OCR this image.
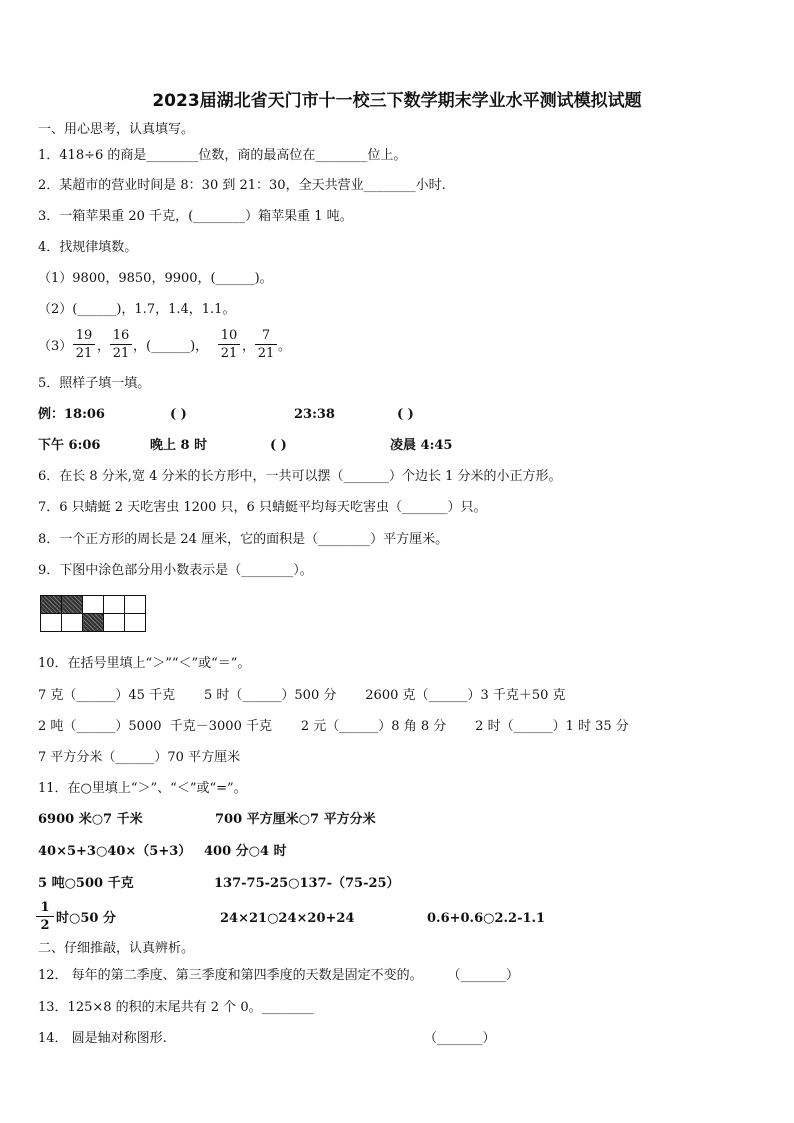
2023届湖北省天门市十一校三下数学期末学业水平测试模拟试题
一、用心思考，认真填写。
1．418÷6 的商是________位数，商的最高位在________位上。
2．某超市的营业时间是 8：30 到 21：30，全天共营业________小时.
3．一箱苹果重 20 千克，(________）箱苹果重 1 吨。
4．找规律填数。
（1）9800，9850，9900，(______)。
（2）(______)，1.7，1.4，1.1。
（3）
19
21 ，
16
21 ，(______)，
10
21 ，
7
21 。
5．照样子填一填。
例：18:06	( )	23:38	( )
下午 6:06	晚上 8 时	( )	凌晨 4:45
6．在长 8 分米,宽 4 分米的长方形中，一共可以摆（_______）个边长 1 分米的小正方形。
7．6 只蜻蜓 2 天吃害虫 1200 只，6 只蜻蜓平均每天吃害虫（_______）只。
8．一个正方形的周长是 24 厘米，它的面积是（________）平方厘米。
9．下图中涂色部分用小数表示是（________）。

10．在括号里填上“＞”“＜”或“＝”。
7 克（______）45 千克       5 时（______）500 分       2600 克（______）3 千克＋50 克
2 吨（______）5000  千克－3000 千克       2 元（______）8 角 8 分       2 时（______）1 时 35 分
7 平方分米（______）70 平方厘米
11．在○里填上“＞”、“＜”或“=”。
6900 米○7 千米	700 平方厘米○7 平方分米
40×5+3○40×（5+3） 400 分○4 时
5 吨○500 千克	137-75-25○137-（75-25）
1
2 时○50 分	24×21○24×20+24	0.6+0.6○2.2-1.1
二、仔细推敲，认真辨析。
12． 每年的第二季度、第三季度和第四季度的天数是固定不变的。      （_______）
13．125×8 的积的末尾共有 2 个 0。________
14． 圆是轴对称图形.	（_______）
